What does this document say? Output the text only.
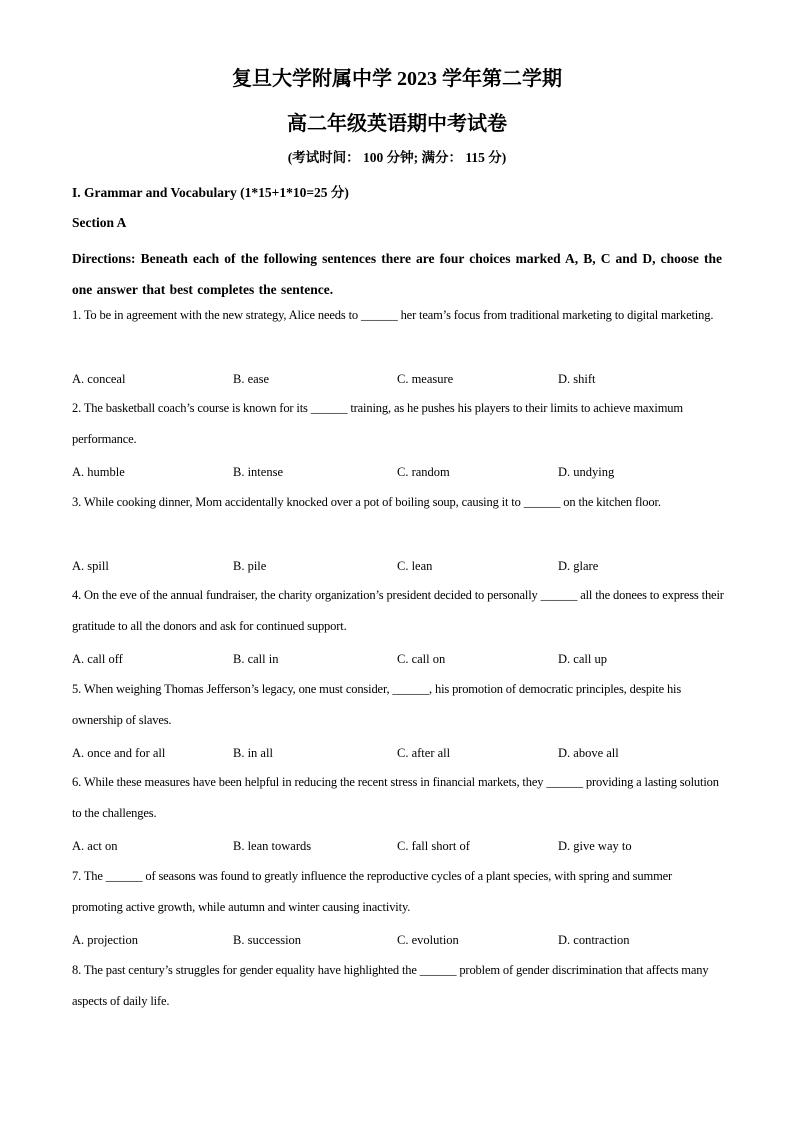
复旦大学附属中学 2023 学年第二学期
高二年级英语期中考试卷
(考试时间： 100 分钟; 满分： 115 分)
I. Grammar and Vocabulary (1*15+1*10=25 分)
Section A
Directions: Beneath each of the following sentences there are four choices marked A, B, C and D, choose the one answer that best completes the sentence.
1. To be in agreement with the new strategy, Alice needs to ______ her team’s focus from traditional marketing to digital marketing.
A. conceal	B. ease	C. measure	D. shift
2. The basketball coach’s course is known for its ______ training, as he pushes his players to their limits to achieve maximum performance.
A. humble	B. intense	C. random	D. undying
3. While cooking dinner, Mom accidentally knocked over a pot of boiling soup, causing it to ______ on the kitchen floor.
A. spill	B. pile	C. lean	D. glare
4. On the eve of the annual fundraiser, the charity organization’s president decided to personally ______ all the donees to express their gratitude to all the donors and ask for continued support.
A. call off	B. call in	C. call on	D. call up
5. When weighing Thomas Jefferson’s legacy, one must consider, ______, his promotion of democratic principles, despite his ownership of slaves.
A. once and for all	B. in all	C. after all	D. above all
6. While these measures have been helpful in reducing the recent stress in financial markets, they ______ providing a lasting solution to the challenges.
A. act on	B. lean towards	C. fall short of	D. give way to
7. The ______ of seasons was found to greatly influence the reproductive cycles of a plant species, with spring and summer promoting active growth, while autumn and winter causing inactivity.
A. projection	B. succession	C. evolution	D. contraction
8. The past century’s struggles for gender equality have highlighted the ______ problem of gender discrimination that affects many aspects of daily life.
